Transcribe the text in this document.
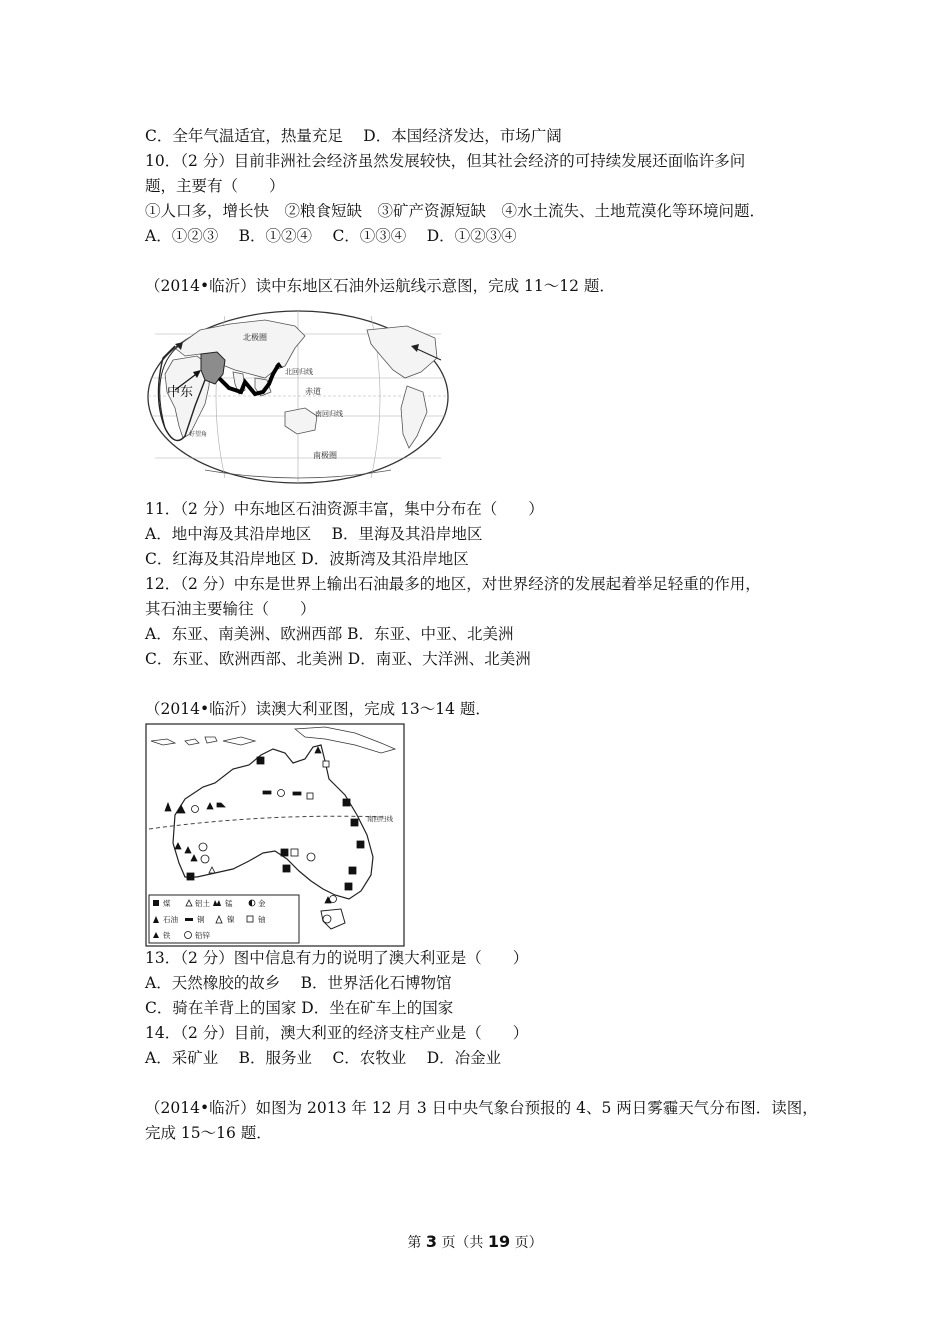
C．全年气温适宜，热量充足　 D．本国经济发达，市场广阔
10．（2 分）目前非洲社会经济虽然发展较快，但其社会经济的可持续发展还面临许多问
题，主要有（　　）
①人口多，增长快　②粮食短缺　③矿产资源短缺　④水土流失、土地荒漠化等环境问题．
A．①②③　 B．①②④　 C．①③④　 D．①②③④
（2014•临沂）读中东地区石油外运航线示意图，完成 11～12 题．
北极圈
北回归线
赤道
南回归线
南极圈
中东
好望角
11．（2 分）中东地区石油资源丰富，集中分布在（　　）
A．地中海及其沿岸地区　 B．里海及其沿岸地区
C．红海及其沿岸地区 D．波斯湾及其沿岸地区
12．（2 分）中东是世界上输出石油最多的地区，对世界经济的发展起着举足轻重的作用，
其石油主要输往（　　）
A．东亚、南美洲、欧洲西部 B．东亚、中亚、北美洲
C．东亚、欧洲西部、北美洲 D．南亚、大洋洲、北美洲
（2014•临沂）读澳大利亚图，完成 13～14 题．
南回归线
煤	铝土 锰	金
石油	铜	镍	铀
铁	铅锌
13．（2 分）图中信息有力的说明了澳大利亚是（　　）
A．天然橡胶的故乡　 B．世界活化石博物馆
C．骑在羊背上的国家 D．坐在矿车上的国家
14．（2 分）目前，澳大利亚的经济支柱产业是（　　）
A．采矿业　 B．服务业　 C．农牧业　 D．冶金业
（2014•临沂）如图为 2013 年 12 月 3 日中央气象台预报的 4、5 两日雾霾天气分布图．读图，
完成 15～16 题．
第 3 页（共 19 页）
